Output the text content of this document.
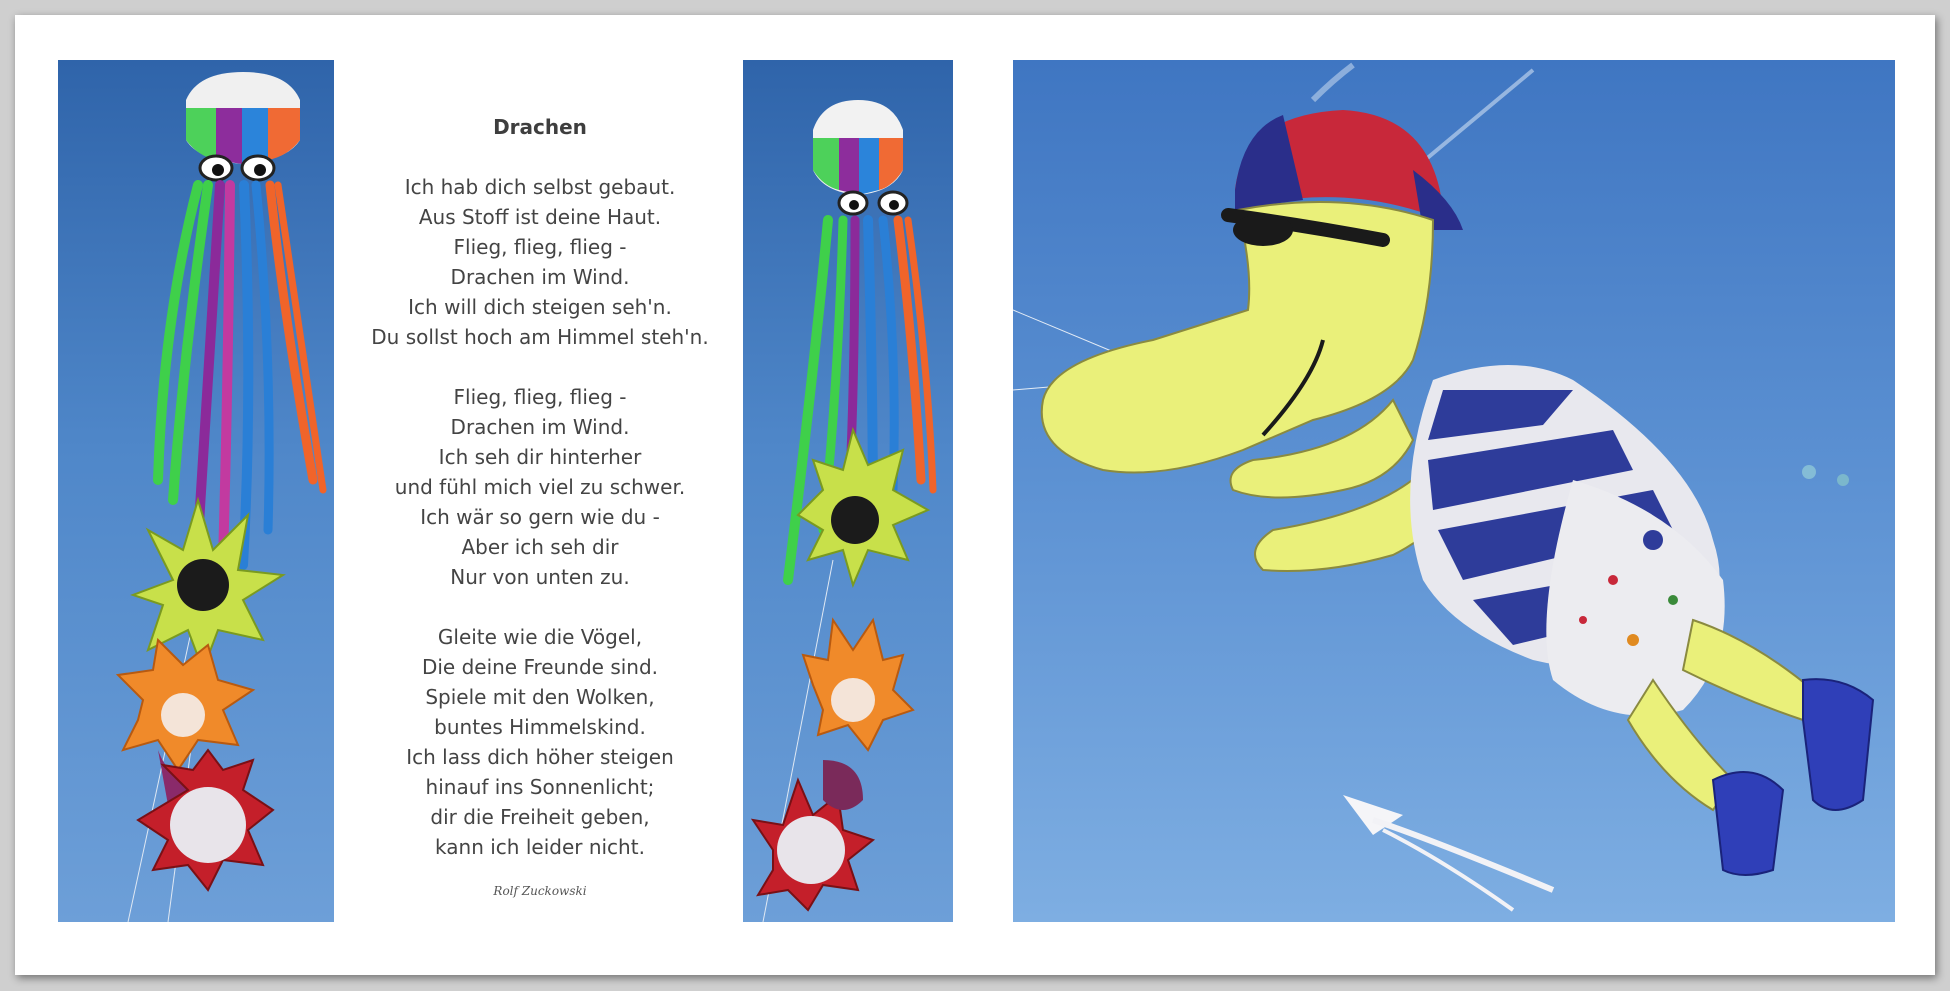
Drachen
Ich hab dich selbst gebaut.
Aus Stoff ist deine Haut.
Flieg, flieg, flieg -
Drachen im Wind.
Ich will dich steigen seh'n.
Du sollst hoch am Himmel steh'n.
Flieg, flieg, flieg -
Drachen im Wind.
Ich seh dir hinterher
und fühl mich viel zu schwer.
Ich wär so gern wie du -
Aber ich seh dir
Nur von unten zu.
Gleite wie die Vögel,
Die deine Freunde sind.
Spiele mit den Wolken,
buntes Himmelskind.
Ich lass dich höher steigen
hinauf ins Sonnenlicht;
dir die Freiheit geben,
kann ich leider nicht.
Rolf Zuckowski
